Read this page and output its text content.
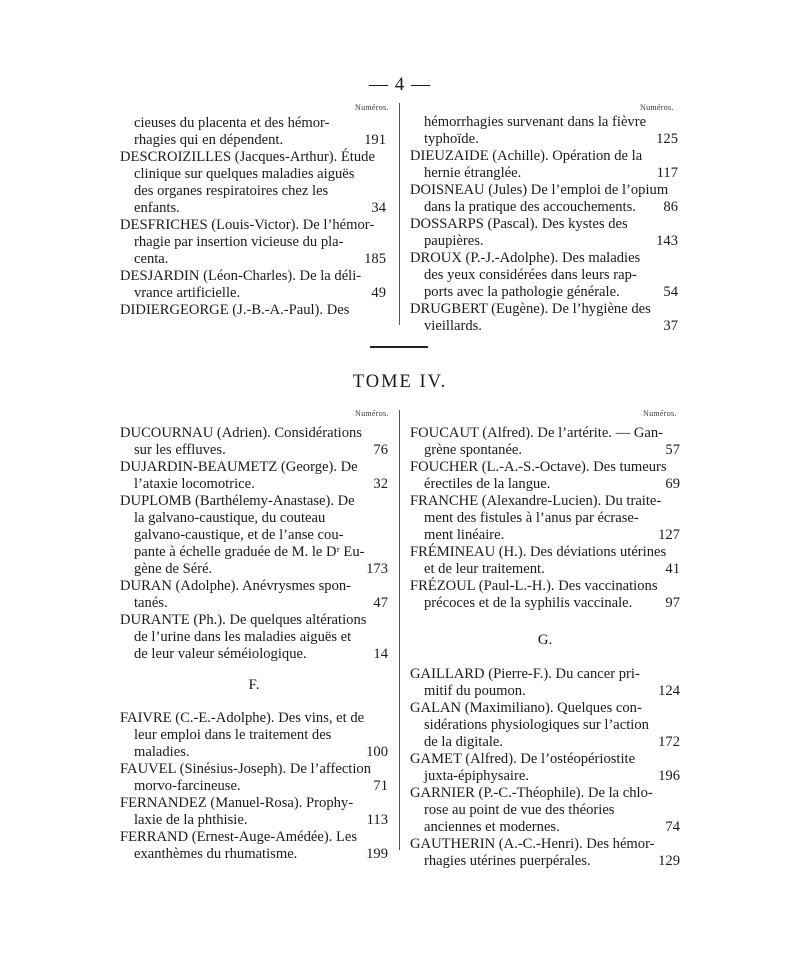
— 4 —
Numéros.	Numéros.
cieuses du placenta et des hémor-
rhagies qui en dépendent.	191
DESCROIZILLES (Jacques-Arthur). Étude
clinique sur quelques maladies aiguës
des organes respiratoires chez les
enfants.	34
DESFRICHES (Louis-Victor). De l’hémor-
rhagie par insertion vicieuse du pla-
centa.	185
DESJARDIN (Léon-Charles). De la déli-
vrance artificielle.	49
DIDIERGEORGE (J.-B.-A.-Paul). Des
hémorrhagies survenant dans la fièvre
typhoïde.	125
DIEUZAIDE (Achille). Opération de la
hernie étranglée.	117
DOISNEAU (Jules) De l’emploi de l’opium
dans la pratique des accouchements.	86
DOSSARPS (Pascal). Des kystes des
paupières.	143
DROUX (P.-J.-Adolphe). Des maladies
des yeux considérées dans leurs rap-
ports avec la pathologie générale.	54
DRUGBERT (Eugène). De l’hygiène des
vieillards.	37
TOME IV.
Numéros.	Numéros.
DUCOURNAU (Adrien). Considérations
sur les effluves.	76
DUJARDIN-BEAUMETZ (George). De
l’ataxie locomotrice.	32
DUPLOMB (Barthélemy-Anastase). De
la galvano-caustique, du couteau
galvano-caustique, et de l’anse cou-
pante à échelle graduée de M. le Dʳ Eu-
gène de Séré.	173
DURAN (Adolphe). Anévrysmes spon-
tanés.	47
DURANTE (Ph.). De quelques altérations
de l’urine dans les maladies aiguës et
de leur valeur séméiologique.	14
F.
FAIVRE (C.-E.-Adolphe). Des vins, et de
leur emploi dans le traitement des
maladies.	100
FAUVEL (Sinésius-Joseph). De l’affection
morvo-farcineuse.	71
FERNANDEZ (Manuel-Rosa). Prophy-
laxie de la phthisie.	113
FERRAND (Ernest-Auge-Amédée). Les
exanthèmes du rhumatisme.	199
FOUCAUT (Alfred). De l’artérite. — Gan-
grène spontanée.	57
FOUCHER (L.-A.-S.-Octave). Des tumeurs
érectiles de la langue.	69
FRANCHE (Alexandre-Lucien). Du traite-
ment des fistules à l’anus par écrase-
ment linéaire.	127
FRÉMINEAU (H.). Des déviations utérines
et de leur traitement.	41
FRÉZOUL (Paul-L.-H.). Des vaccinations
précoces et de la syphilis vaccinale.	97
G.
GAILLARD (Pierre-F.). Du cancer pri-
mitif du poumon.	124
GALAN (Maximiliano). Quelques con-
sidérations physiologiques sur l’action
de la digitale.	172
GAMET (Alfred). De l’ostéopériostite
juxta-épiphysaire.	196
GARNIER (P.-C.-Théophile). De la chlo-
rose au point de vue des théories
anciennes et modernes.	74
GAUTHERIN (A.-C.-Henri). Des hémor-
rhagies utérines puerpérales.	129
